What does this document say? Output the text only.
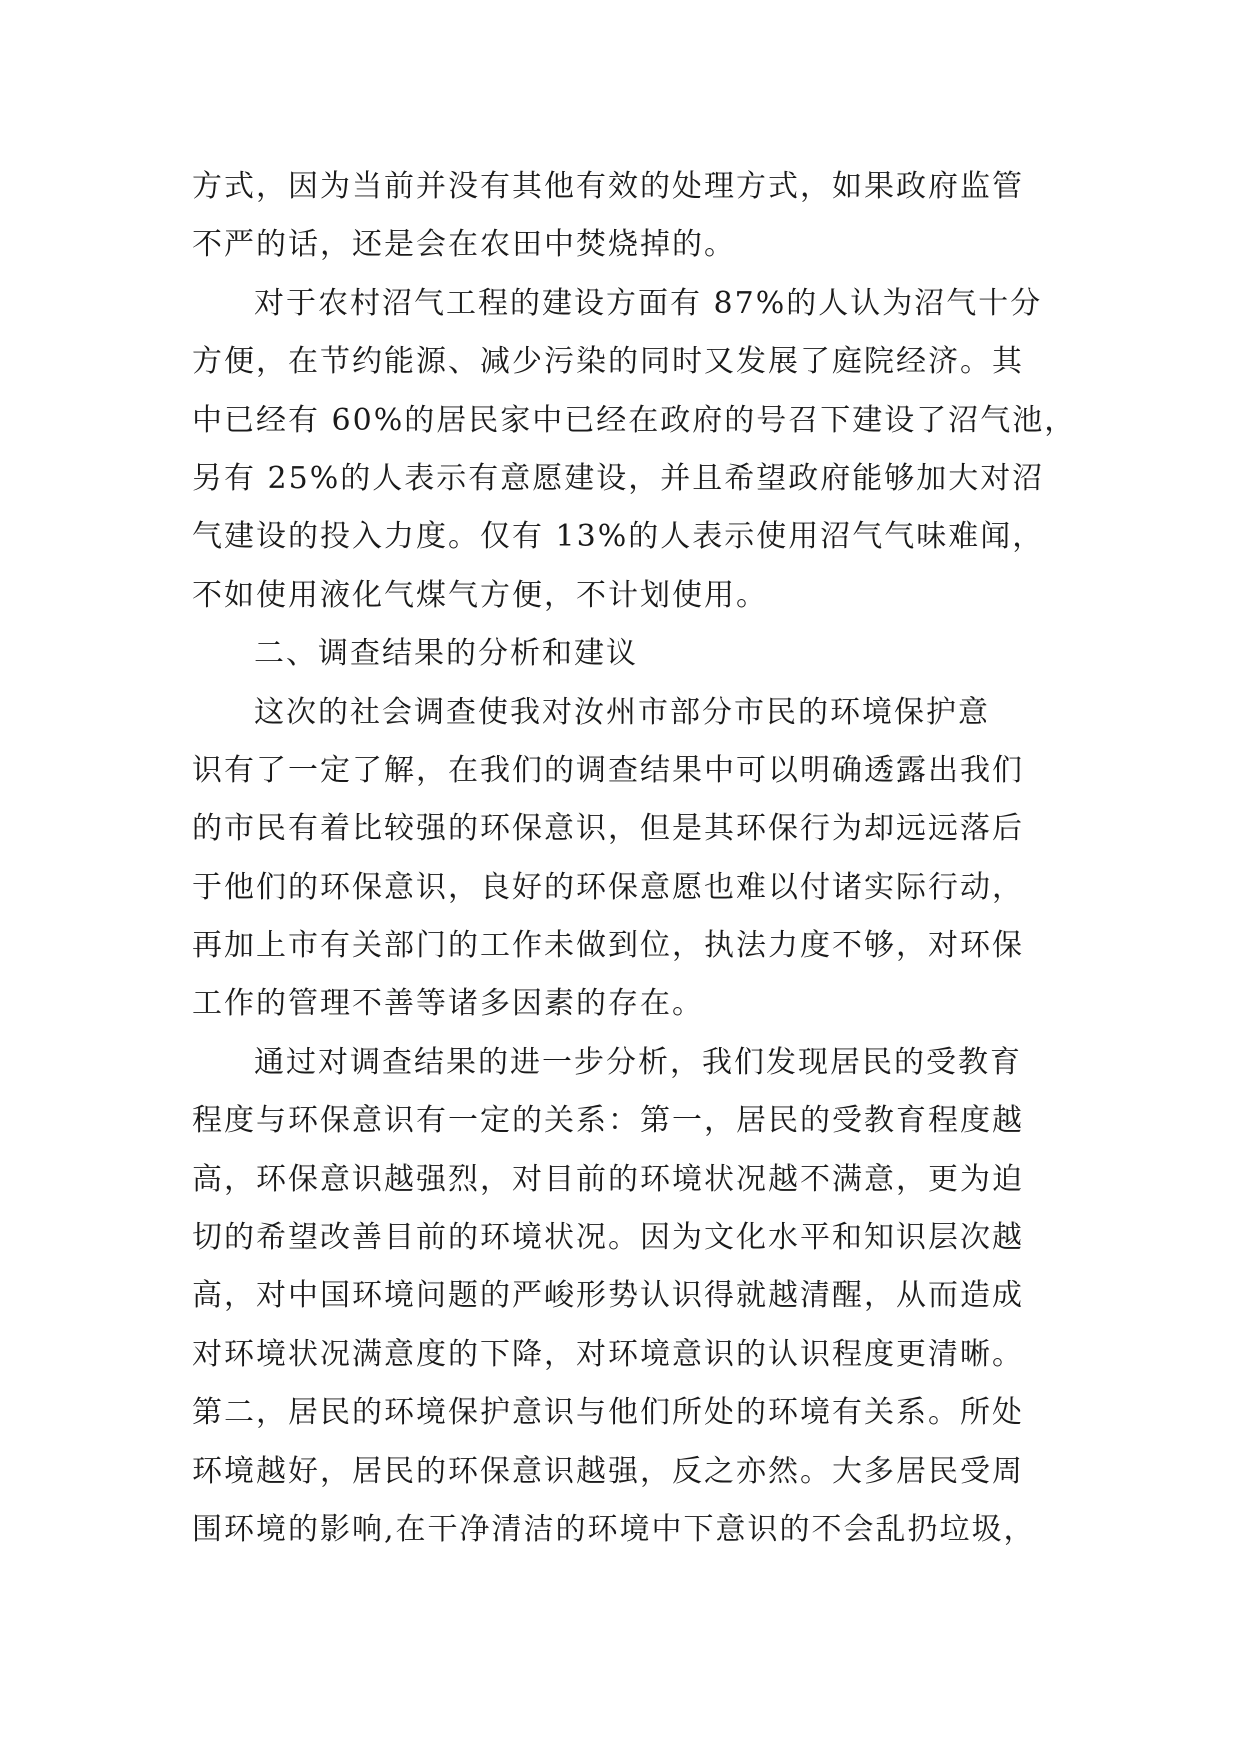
方式，因为当前并没有其他有效的处理方式，如果政府监管
不严的话，还是会在农田中焚烧掉的。
对于农村沼气工程的建设方面有 87%的人认为沼气十分
方便，在节约能源、减少污染的同时又发展了庭院经济。其
中已经有 60%的居民家中已经在政府的号召下建设了沼气池，
另有 25%的人表示有意愿建设，并且希望政府能够加大对沼
气建设的投入力度。仅有 13%的人表示使用沼气气味难闻，
不如使用液化气煤气方便，不计划使用。
二、调查结果的分析和建议
这次的社会调查使我对汝州市部分市民的环境保护意
识有了一定了解，在我们的调查结果中可以明确透露出我们
的市民有着比较强的环保意识，但是其环保行为却远远落后
于他们的环保意识，良好的环保意愿也难以付诸实际行动，
再加上市有关部门的工作未做到位，执法力度不够，对环保
工作的管理不善等诸多因素的存在。
通过对调查结果的进一步分析，我们发现居民的受教育
程度与环保意识有一定的关系：第一，居民的受教育程度越
高，环保意识越强烈，对目前的环境状况越不满意，更为迫
切的希望改善目前的环境状况。因为文化水平和知识层次越
高，对中国环境问题的严峻形势认识得就越清醒，从而造成
对环境状况满意度的下降，对环境意识的认识程度更清晰。
第二，居民的环境保护意识与他们所处的环境有关系。所处
环境越好，居民的环保意识越强，反之亦然。大多居民受周
围环境的影响,在干净清洁的环境中下意识的不会乱扔垃圾，
